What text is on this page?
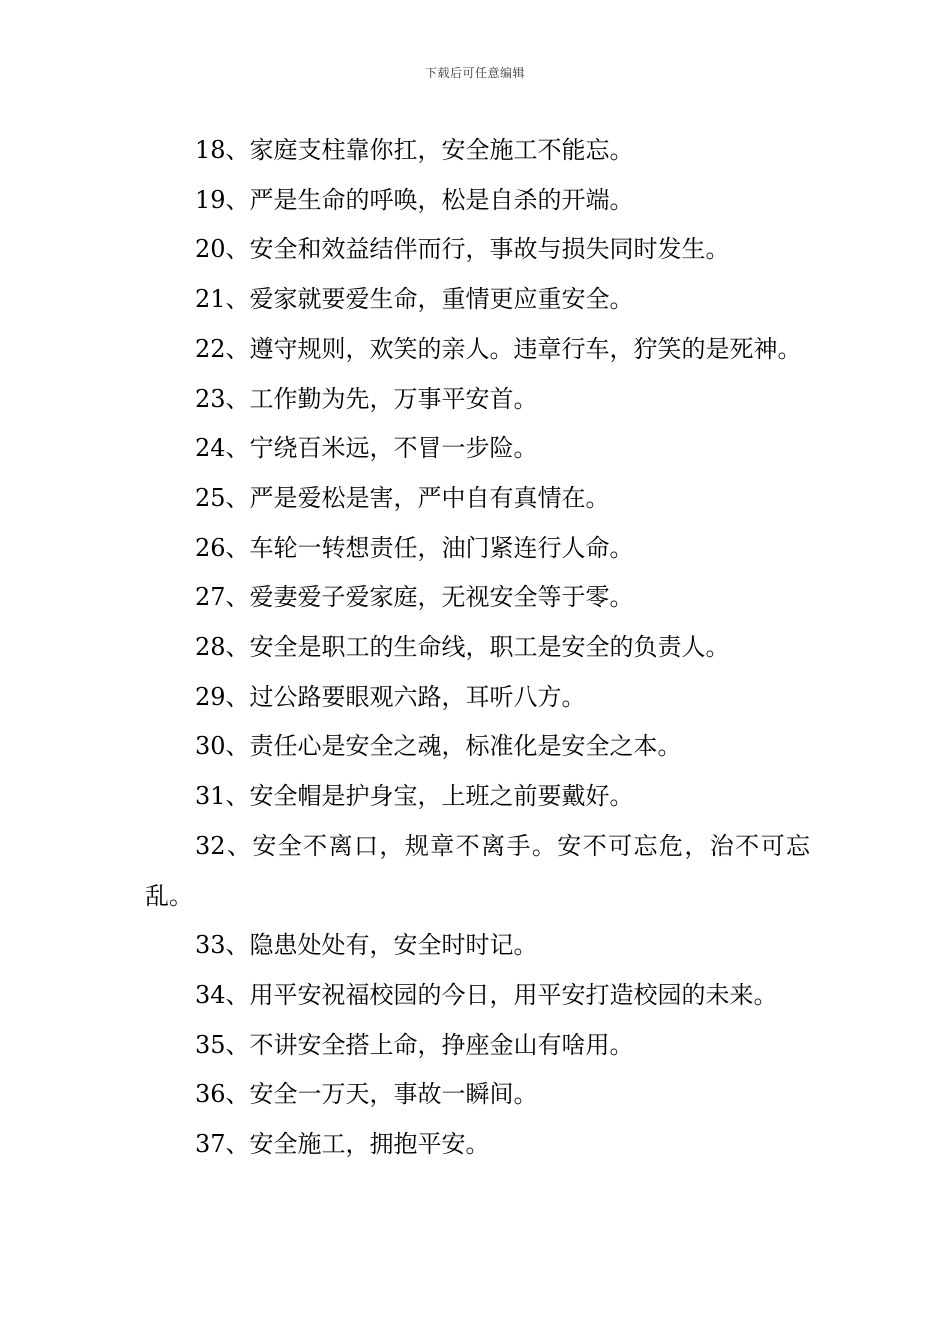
下载后可任意编辑

18、家庭支柱靠你扛，安全施工不能忘。

19、严是生命的呼唤，松是自杀的开端。

20、安全和效益结伴而行，事故与损失同时发生。

21、爱家就要爱生命，重情更应重安全。

22、遵守规则，欢笑的亲人。违章行车，狞笑的是死神。

23、工作勤为先，万事平安首。

24、宁绕百米远，不冒一步险。

25、严是爱松是害，严中自有真情在。

26、车轮一转想责任，油门紧连行人命。

27、爱妻爱子爱家庭，无视安全等于零。

28、安全是职工的生命线，职工是安全的负责人。

29、过公路要眼观六路，耳听八方。

30、责任心是安全之魂，标准化是安全之本。

31、安全帽是护身宝，上班之前要戴好。

32、安全不离口，规章不离手。安不可忘危，治不可忘乱。

33、隐患处处有，安全时时记。

34、用平安祝福校园的今日，用平安打造校园的未来。

35、不讲安全搭上命，挣座金山有啥用。

36、安全一万天，事故一瞬间。

37、安全施工，拥抱平安。
